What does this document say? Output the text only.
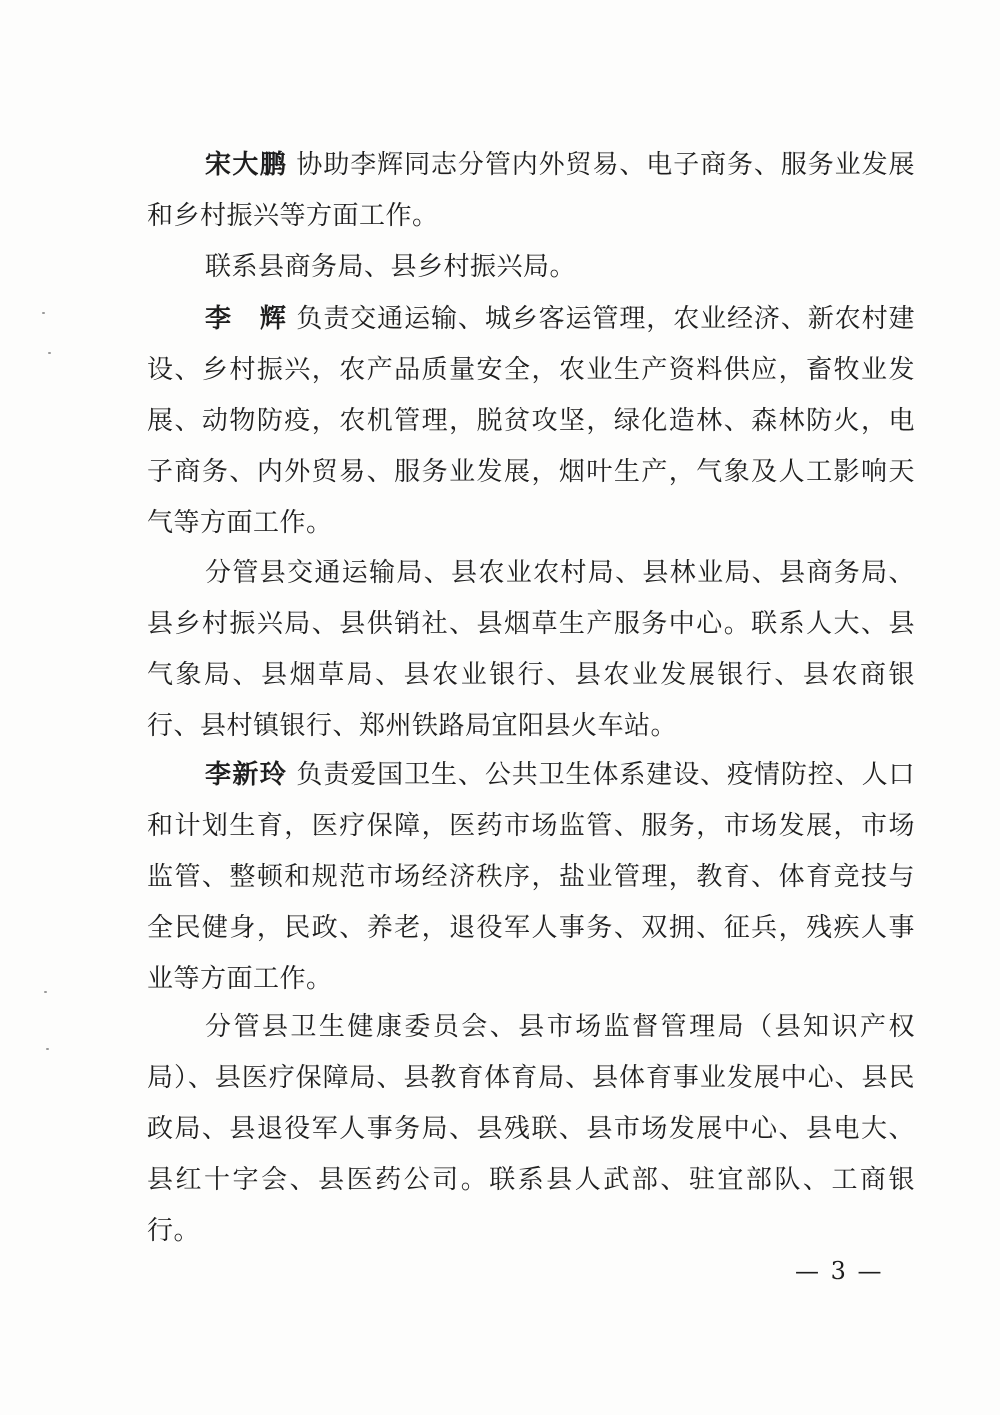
宋大鹏 协助李辉同志分管内外贸易、电子商务、服务业发展和乡村振兴等方面工作。

联系县商务局、县乡村振兴局。

李　辉 负责交通运输、城乡客运管理，农业经济、新农村建设、乡村振兴，农产品质量安全，农业生产资料供应，畜牧业发展、动物防疫，农机管理，脱贫攻坚，绿化造林、森林防火，电子商务、内外贸易、服务业发展，烟叶生产，气象及人工影响天气等方面工作。

分管县交通运输局、县农业农村局、县林业局、县商务局、县乡村振兴局、县供销社、县烟草生产服务中心。联系人大、县气象局、县烟草局、县农业银行、县农业发展银行、县农商银行、县村镇银行、郑州铁路局宜阳县火车站。

李新玲 负责爱国卫生、公共卫生体系建设、疫情防控、人口和计划生育，医疗保障，医药市场监管、服务，市场发展，市场监管、整顿和规范市场经济秩序，盐业管理，教育、体育竞技与全民健身，民政、养老，退役军人事务、双拥、征兵，残疾人事业等方面工作。

分管县卫生健康委员会、县市场监督管理局（县知识产权局）、县医疗保障局、县教育体育局、县体育事业发展中心、县民政局、县退役军人事务局、县残联、县市场发展中心、县电大、县红十字会、县医药公司。联系县人武部、驻宜部队、工商银行。

— 3 —
